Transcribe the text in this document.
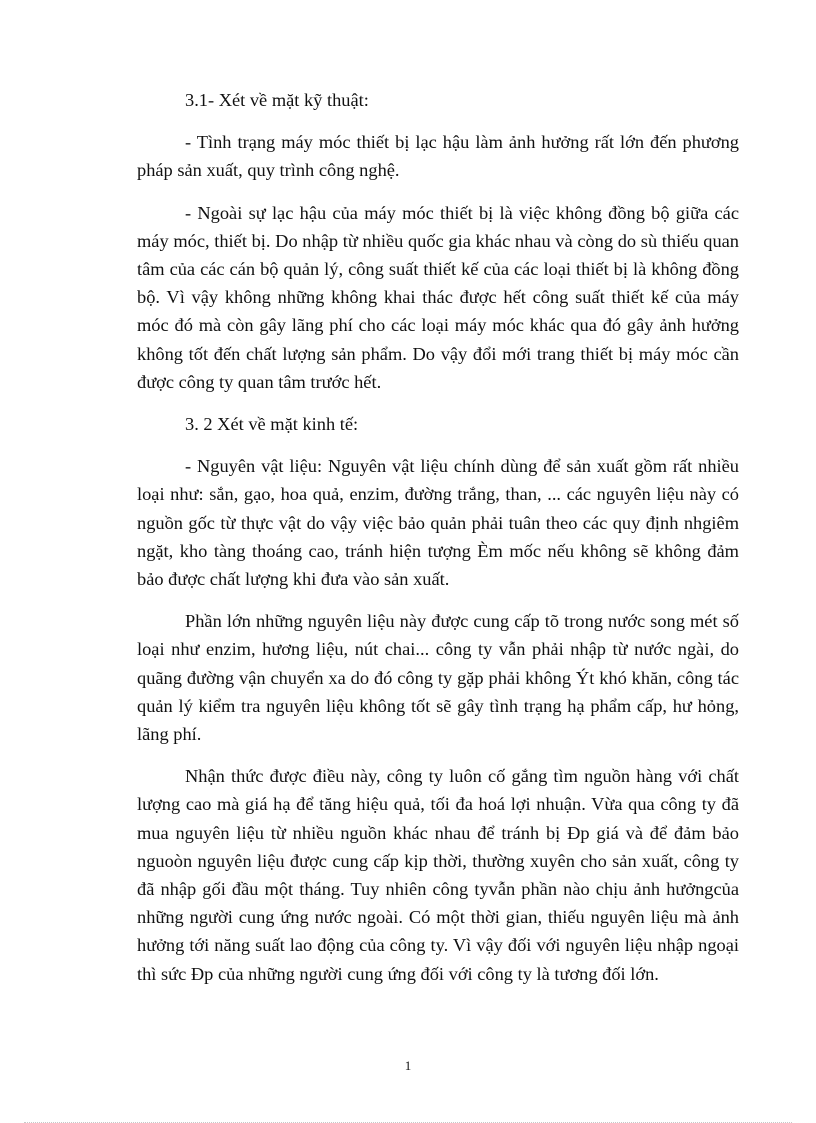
3.1- Xét về mặt kỹ thuật:

- Tình trạng máy móc thiết bị lạc hậu làm ảnh hưởng rất lớn đến phương pháp sản xuất, quy trình công nghệ.

- Ngoài sự lạc hậu của máy móc thiết bị là việc không đồng bộ giữa các máy móc, thiết bị. Do nhập từ nhiều quốc gia khác nhau và còng do sù thiếu quan tâm của các cán bộ quản lý, công suất thiết kế của các loại thiết bị là không đồng bộ. Vì vậy không những không khai thác được hết công suất thiết kế của máy móc đó mà còn gây lãng phí cho các loại máy móc khác qua đó gây ảnh hưởng không tốt đến chất lượng sản phẩm. Do vậy đổi mới trang thiết bị máy móc cần được công ty quan tâm trước hết.

3. 2 Xét về mặt kinh tế:

- Nguyên vật liệu: Nguyên vật liệu chính dùng để sản xuất gồm rất nhiều loại như: sắn, gạo, hoa quả, enzim, đường trắng, than, ... các nguyên liệu này có nguồn gốc từ thực vật do vậy việc bảo quản phải tuân theo các quy định nhgiêm ngặt, kho tàng thoáng cao, tránh hiện tượng Èm mốc nếu không sẽ không đảm bảo được chất lượng khi đưa vào sản xuất.

Phần lớn những nguyên liệu này được cung cấp tõ trong nước song mét số loại như enzim, hương liệu, nút chai... công ty vẫn phải nhập từ nước ngài, do quãng đường vận chuyển xa do đó công ty gặp phải không Ýt khó khăn, công tác quản lý kiểm tra nguyên liệu không tốt sẽ gây tình trạng hạ phẩm cấp, hư hỏng, lãng phí.

Nhận thức được điều này, công ty luôn cố gắng tìm nguồn hàng với chất lượng cao mà giá hạ để tăng hiệu quả, tối đa hoá lợi nhuận. Vừa qua công ty đã mua nguyên liệu từ nhiều nguồn khác nhau để tránh bị Ðp giá và để đảm bảo nguoòn nguyên liệu được cung cấp kịp thời, thường xuyên cho sản xuất, công ty đã nhập gối đầu một tháng. Tuy nhiên công tyvẫn phần nào chịu ảnh hưởngcủa những người cung ứng nước ngoài. Có một thời gian, thiếu nguyên liệu mà ảnh hưởng tới năng suất lao động của công ty. Vì vậy đối với nguyên liệu nhập ngoại thì sức Ðp của những người cung ứng đối với công ty là tương đối lớn.

1
